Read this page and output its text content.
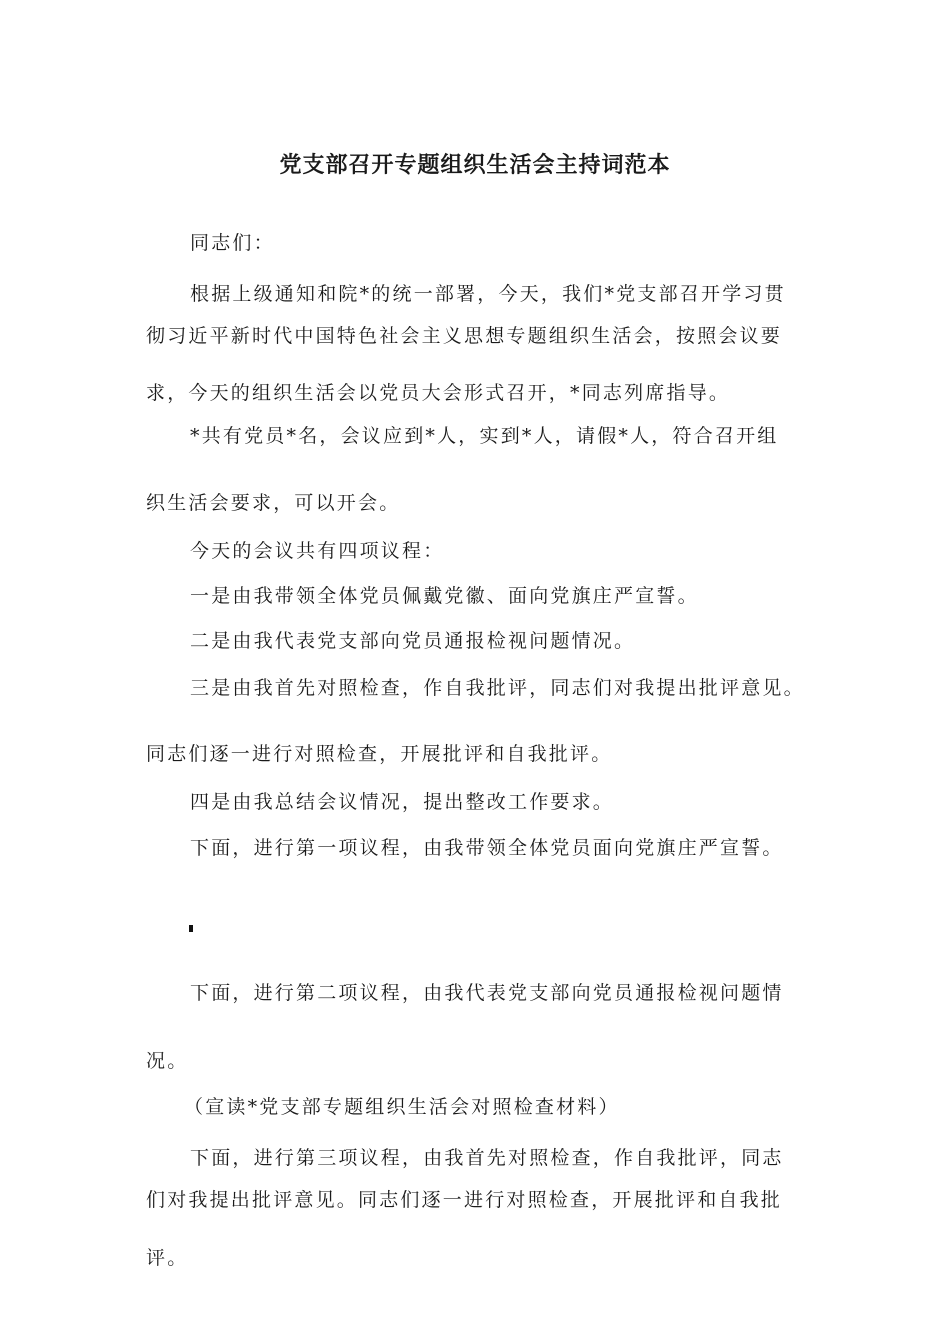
党支部召开专题组织生活会主持词范本
同志们：
根据上级通知和院*的统一部署，今天，我们*党支部召开学习贯
彻习近平新时代中国特色社会主义思想专题组织生活会，按照会议要
求，今天的组织生活会以党员大会形式召开，*同志列席指导。
*共有党员*名，会议应到*人，实到*人，请假*人，符合召开组
织生活会要求，可以开会。
今天的会议共有四项议程：
一是由我带领全体党员佩戴党徽、面向党旗庄严宣誓。
二是由我代表党支部向党员通报检视问题情况。
三是由我首先对照检查，作自我批评，同志们对我提出批评意见。
同志们逐一进行对照检查，开展批评和自我批评。
四是由我总结会议情况，提出整改工作要求。
下面，进行第一项议程，由我带领全体党员面向党旗庄严宣誓。
下面，进行第二项议程，由我代表党支部向党员通报检视问题情
况。
（宣读*党支部专题组织生活会对照检查材料）
下面，进行第三项议程，由我首先对照检查，作自我批评，同志
们对我提出批评意见。同志们逐一进行对照检查，开展批评和自我批
评。
